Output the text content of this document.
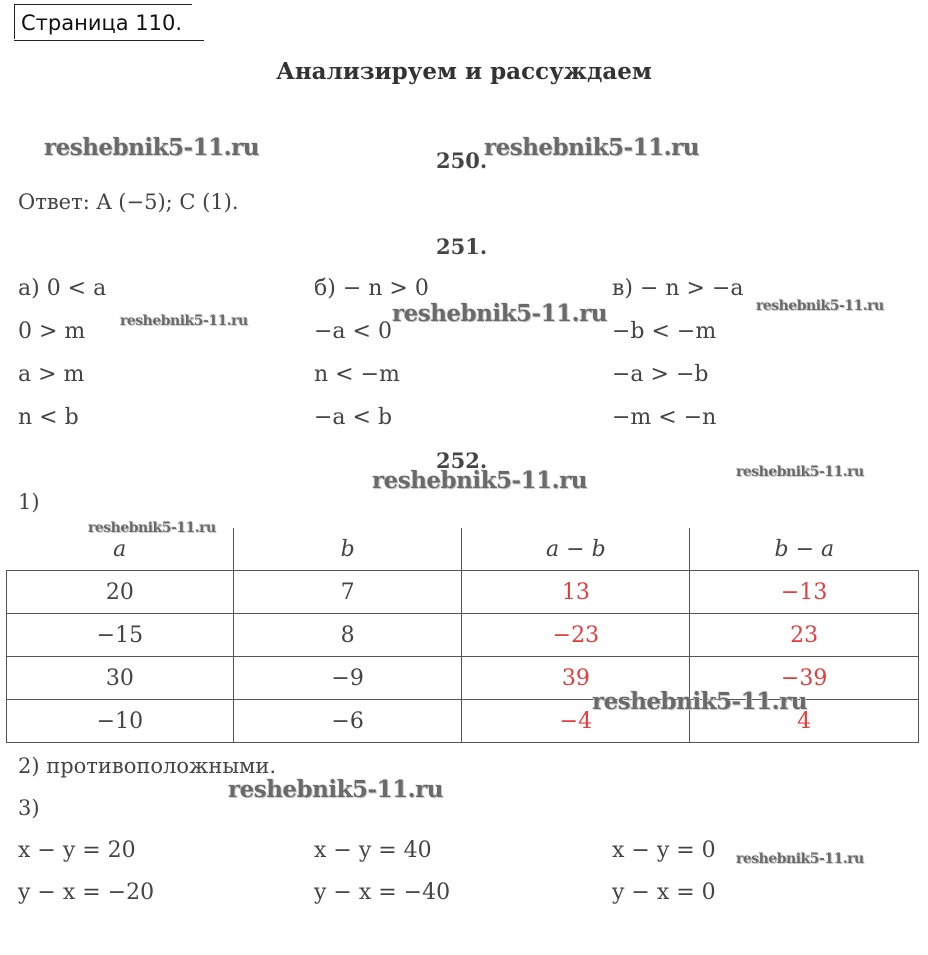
Страница 110.
Анализируем и рассуждаем
reshebnik5-11.ru	reshebnik5-11.ru
reshebnik5-11.ru	reshebnik5-11.ru	reshebnik5-11.ru
reshebnik5-11.ru	reshebnik5-11.ru
reshebnik5-11.ru
reshebnik5-11.ru
reshebnik5-11.ru
reshebnik5-11.ru
250.
Ответ: A (−5); C (1).
251.
а) 0 < a
0 > m
a > m
n < b
б) − n > 0
−a < 0
n < −m
−a < b
в) − n > −a
−b < −m
−a > −b
−m < −n
252.
1)
a	b	a − b	b − a
20	7	13	−13
−15	8	−23	23
30	−9	39	−39
−10	−6	−4	4
2) противоположными.
3)
x − y = 20
y − x = −20
x − y = 40
y − x = −40
x − y = 0
y − x = 0
